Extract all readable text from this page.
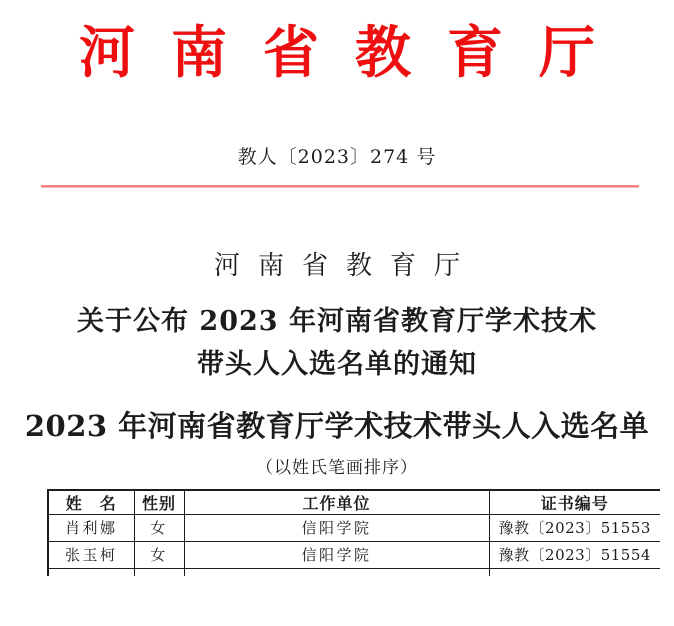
河南省教育厅
教人〔2023〕274 号
河南省教育厅
关于公布 2023 年河南省教育厅学术技术
带头人入选名单的通知
2023 年河南省教育厅学术技术带头人入选名单
（以姓氏笔画排序）
姓　名	性别	工作单位	证书编号
肖利娜	女	信阳学院	豫教〔2023〕51553
张玉柯	女	信阳学院	豫教〔2023〕51554
